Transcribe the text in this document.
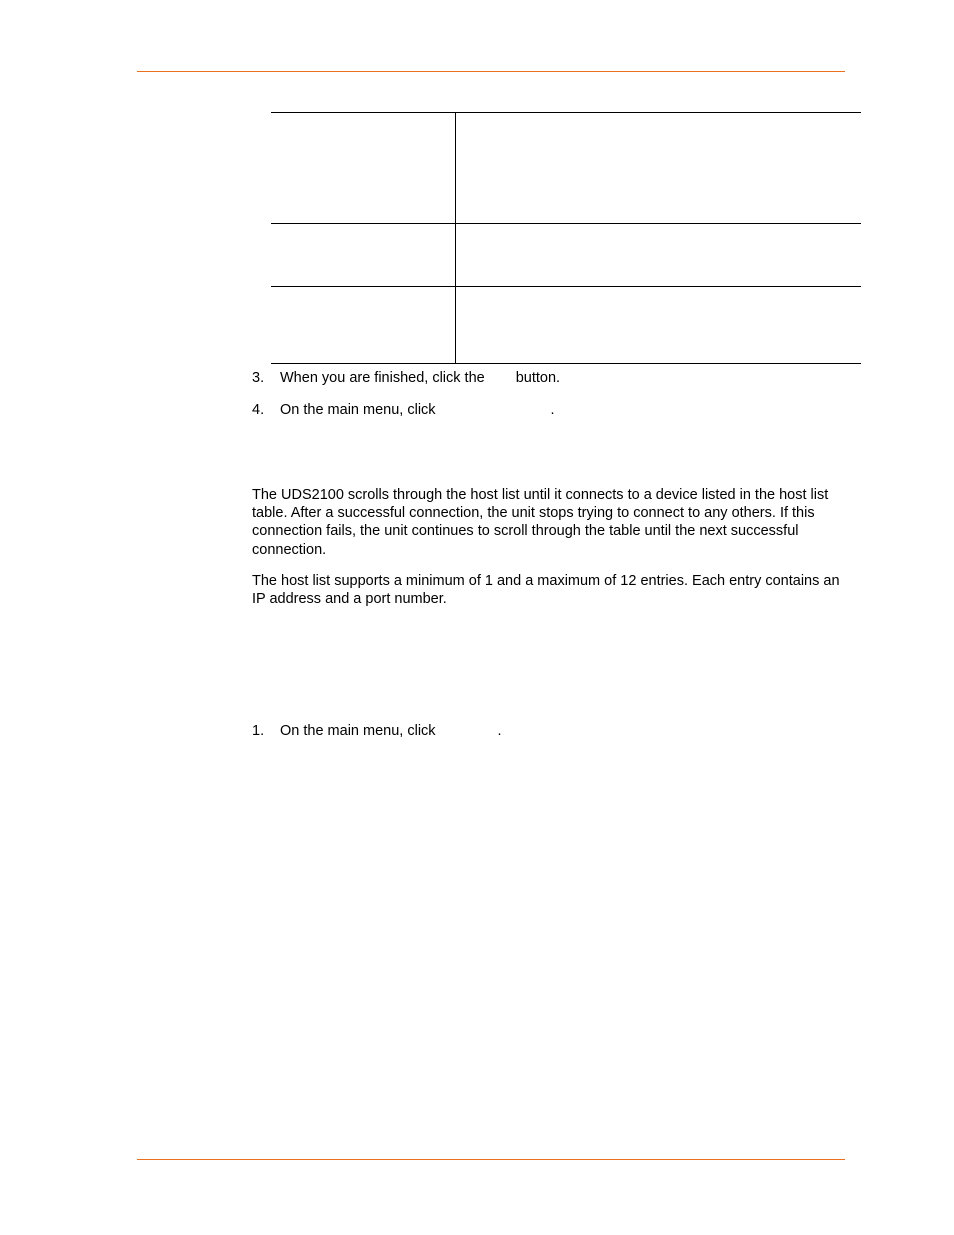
3. When you are finished, click the button.
4. On the main menu, click	.

The UDS2100 scrolls through the host list until it connects to a device listed in the host list table. After a successful connection, the unit stops trying to connect to any others. If this connection fails, the unit continues to scroll through the table until the next successful connection.

The host list supports a minimum of 1 and a maximum of 12 entries. Each entry contains an IP address and a port number.

1. On the main menu, click	.
